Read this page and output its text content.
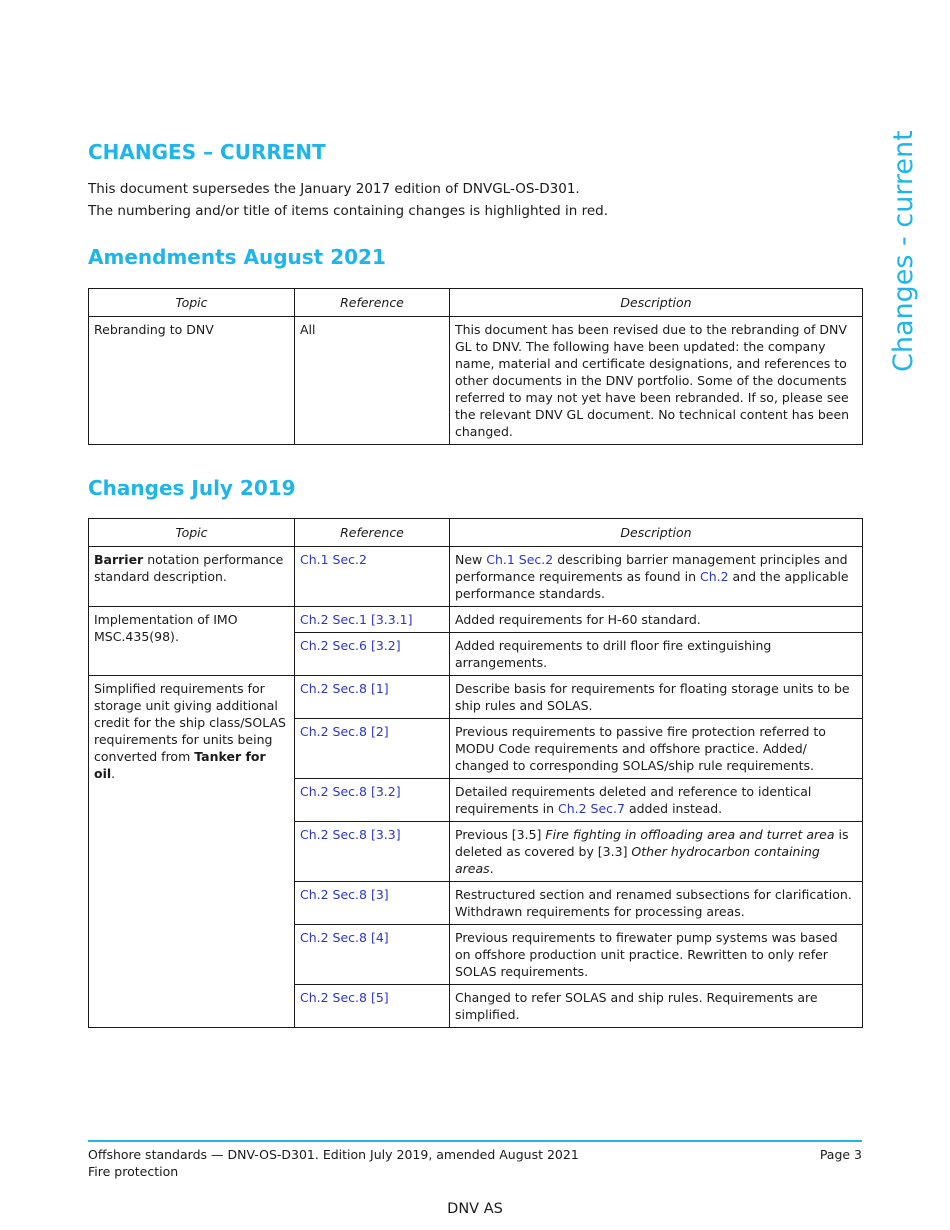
CHANGES – CURRENT	Changes - current
This document supersedes the January 2017 edition of DNVGL-OS-D301.
The numbering and/or title of items containing changes is highlighted in red.
Amendments August 2021
Topic	Reference	Description
Rebranding to DNV	All	This document has been revised due to the rebranding of DNV GL to DNV. The following have been updated: the company name, material and certificate designations, and references to other documents in the DNV portfolio. Some of the documents referred to may not yet have been rebranded. If so, please see the relevant DNV GL document. No technical content has been changed.
Changes July 2019
Topic	Reference	Description
Barrier notation performance standard description.	Ch.1 Sec.2	New Ch.1 Sec.2 describing barrier management principles and performance requirements as found in Ch.2 and the applicable performance standards.
Implementation of IMO MSC.435(98).	Ch.2 Sec.1 [3.3.1]	Added requirements for H-60 standard.
	Ch.2 Sec.6 [3.2]	Added requirements to drill floor fire extinguishing arrangements.
Simplified requirements for storage unit giving additional credit for the ship class/SOLAS requirements for units being converted from Tanker for oil.	Ch.2 Sec.8 [1]	Describe basis for requirements for floating storage units to be ship rules and SOLAS.
	Ch.2 Sec.8 [2]	Previous requirements to passive fire protection referred to MODU Code requirements and offshore practice. Added/ changed to corresponding SOLAS/ship rule requirements.
	Ch.2 Sec.8 [3.2]	Detailed requirements deleted and reference to identical requirements in Ch.2 Sec.7 added instead.
	Ch.2 Sec.8 [3.3]	Previous [3.5] Fire fighting in offloading area and turret area is deleted as covered by [3.3] Other hydrocarbon containing areas.
	Ch.2 Sec.8 [3]	Restructured section and renamed subsections for clarification. Withdrawn requirements for processing areas.
	Ch.2 Sec.8 [4]	Previous requirements to firewater pump systems was based on offshore production unit practice. Rewritten to only refer SOLAS requirements.
	Ch.2 Sec.8 [5]	Changed to refer SOLAS and ship rules. Requirements are simplified.
Offshore standards — DNV-OS-D301. Edition July 2019, amended August 2021
Fire protection
Page 3
DNV AS
